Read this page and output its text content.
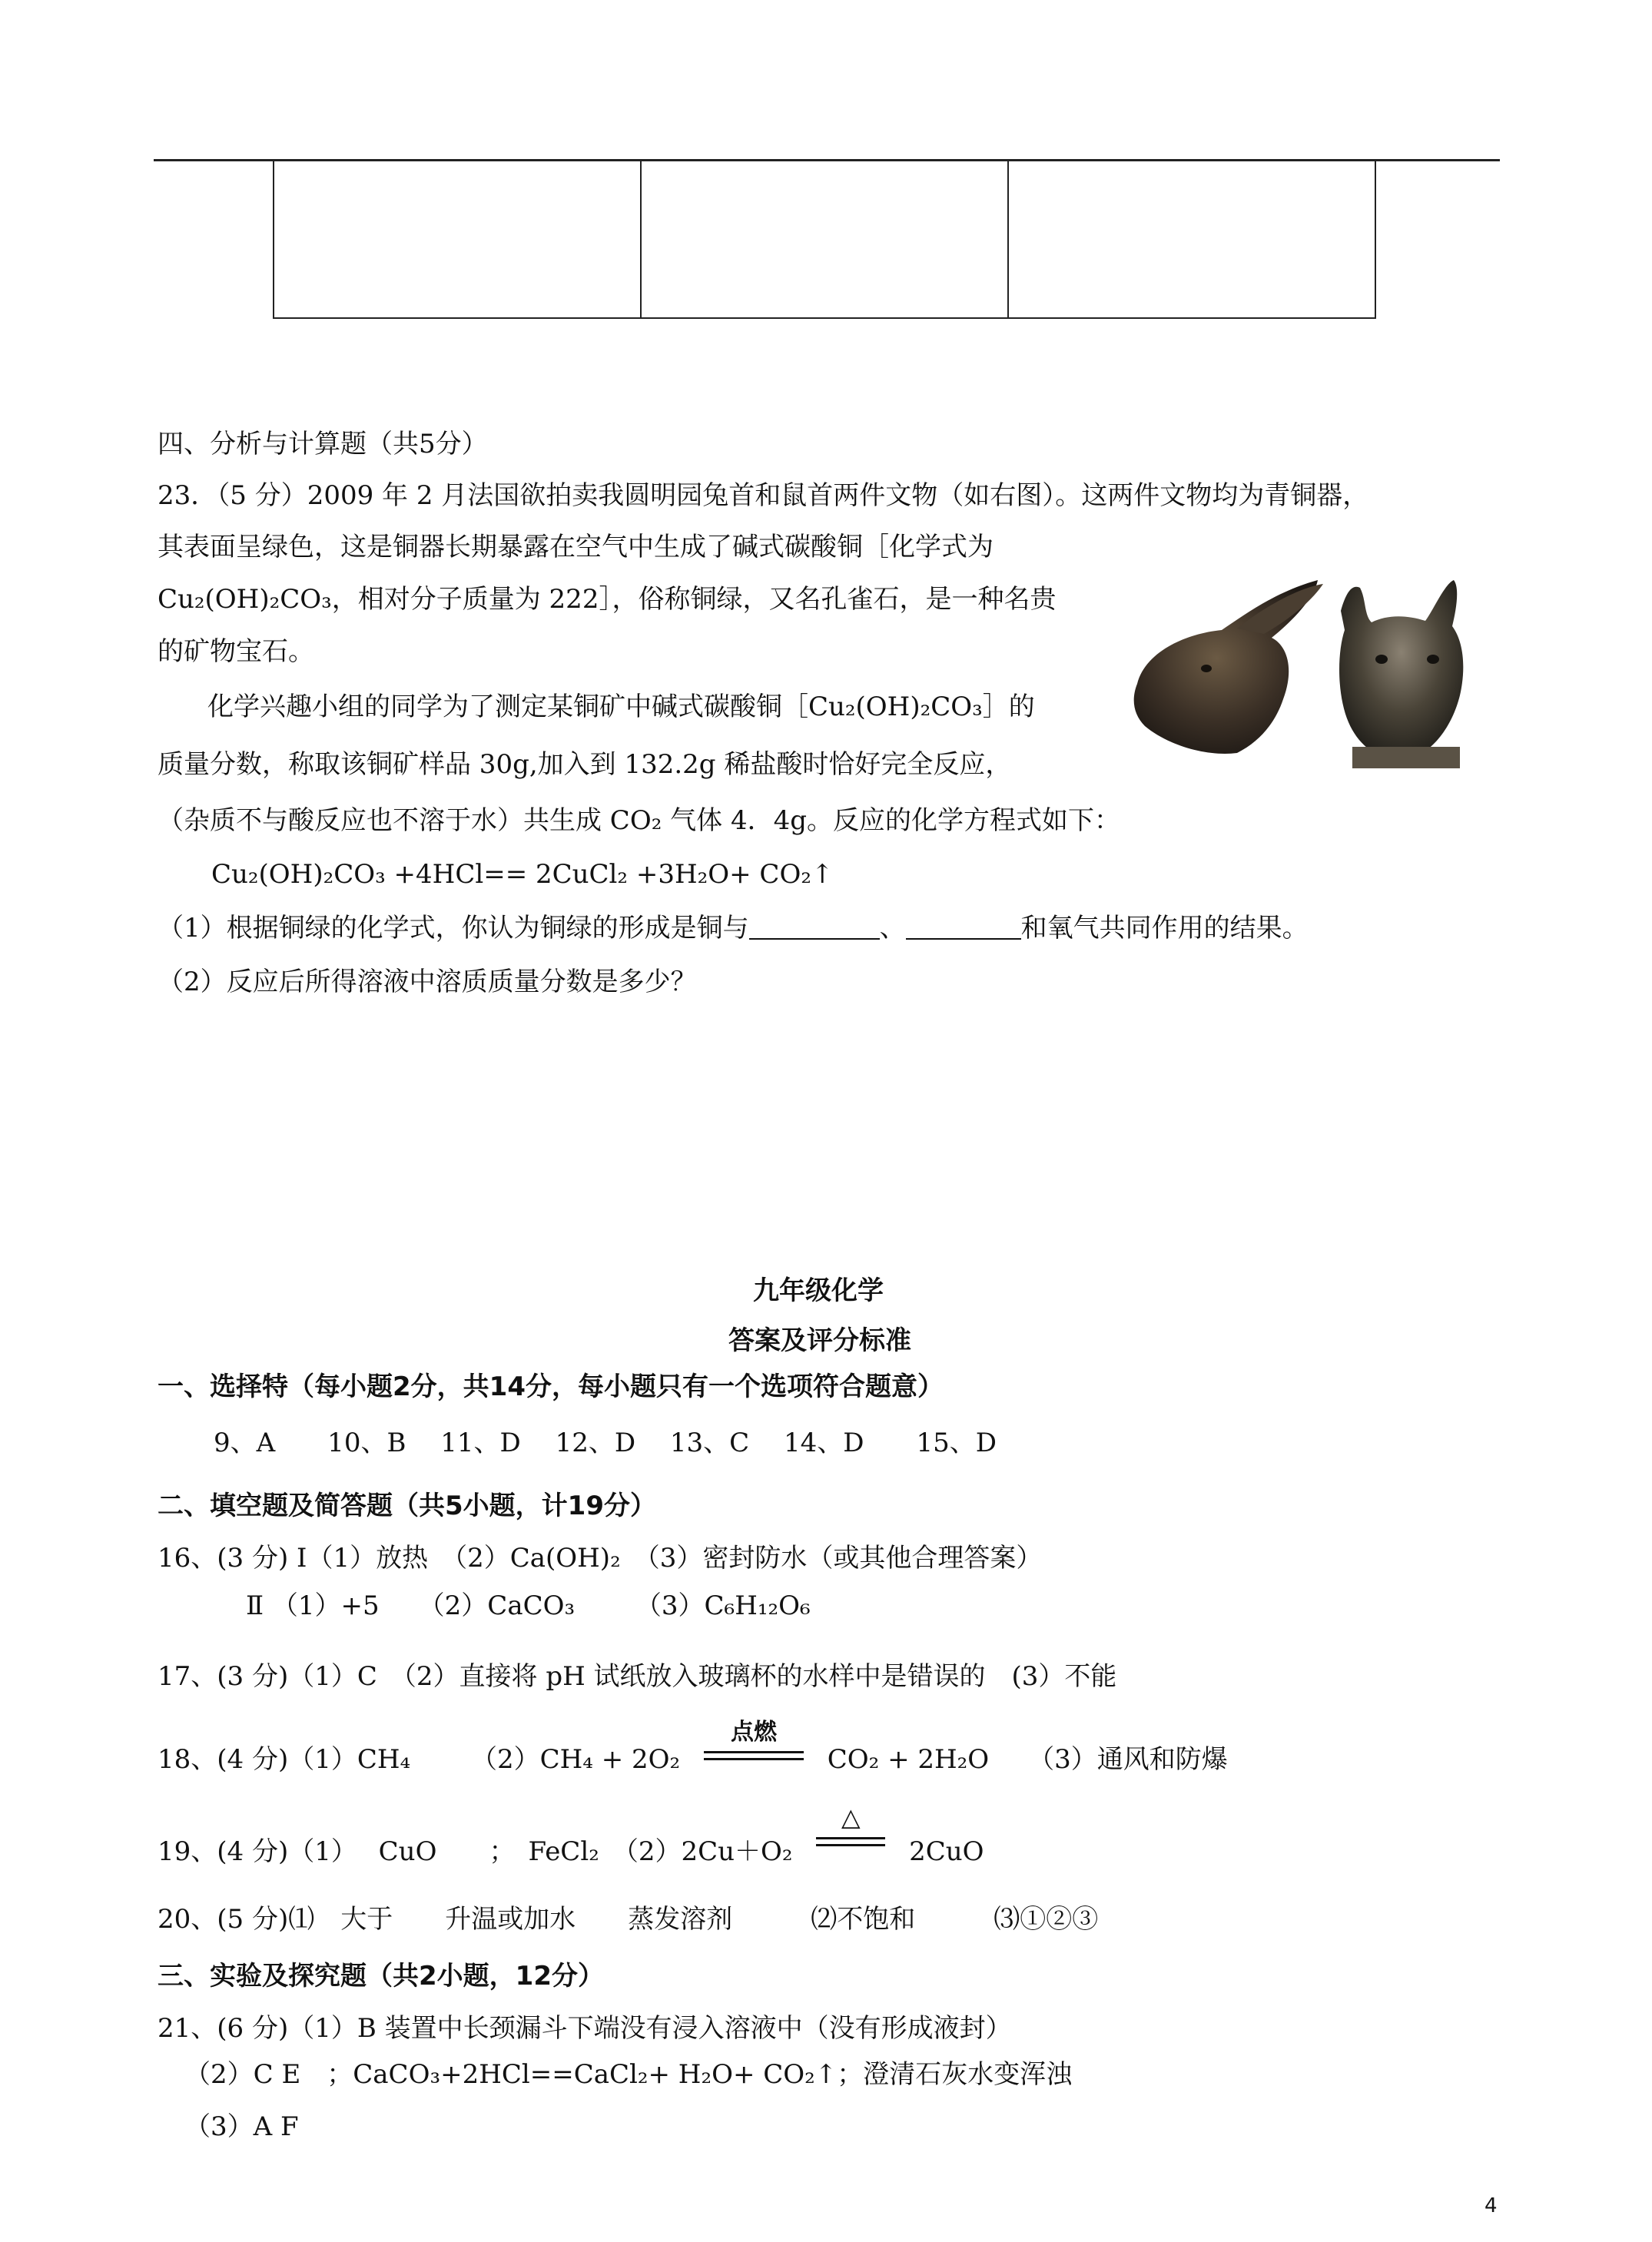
四、分析与计算题（共5分）
23．（5 分）2009 年 2 月法国欲拍卖我圆明园兔首和鼠首两件文物（如右图）。这两件文物均为青铜器，
其表面呈绿色，这是铜器长期暴露在空气中生成了碱式碳酸铜［化学式为
Cu₂(OH)₂CO₃，相对分子质量为 222］，俗称铜绿，又名孔雀石，是一种名贵
的矿物宝石。
化学兴趣小组的同学为了测定某铜矿中碱式碳酸铜［Cu₂(OH)₂CO₃］的
质量分数，称取该铜矿样品 30g,加入到 132.2g 稀盐酸时恰好完全反应，
（杂质不与酸反应也不溶于水）共生成 CO₂ 气体 4．4g。反应的化学方程式如下：
Cu₂(OH)₂CO₃ +4HCl== 2CuCl₂ +3H₂O+ CO₂↑
（1）根据铜绿的化学式，你认为铜绿的形成是铜与	、	和氧气共同作用的结果。
（2）反应后所得溶液中溶质质量分数是多少？
九年级化学
答案及评分标准
一、选择特（每小题2分，共14分，每小题只有一个选项符合题意）
9、A　　10、B　 11、D　 12、D　 13、C　 14、D　　15、D
二、填空题及简答题（共5小题，计19分）
16、(3 分) Ⅰ（1）放热　（2）Ca(OH)₂　（3）密封防水（或其他合理答案）
Ⅱ （1）+5　　（2）CaCO₃　　 （3）C₆H₁₂O₆
17、(3 分)（1）C　（2）直接将 pH 试纸放入玻璃杯的水样中是错误的　(3）不能
18、(4 分)（1）CH₄　　 （2）CH₄ + 2O₂
点燃
CO₂ + 2H₂O　　（3）通风和防爆
19、(4 分)（1）　 CuO　　；　FeCl₂　（2）2Cu＋O₂
△
2CuO
20、(5 分)⑴　大于　　升温或加水　　蒸发溶剂　　　⑵不饱和　　　⑶①②③
三、实验及探究题（共2小题，12分）
21、(6 分)（1）B 装置中长颈漏斗下端没有浸入溶液中（没有形成液封）
（2）C E　；CaCO₃+2HCl==CaCl₂+ H₂O+ CO₂↑；澄清石灰水变浑浊
（3）A F
4
